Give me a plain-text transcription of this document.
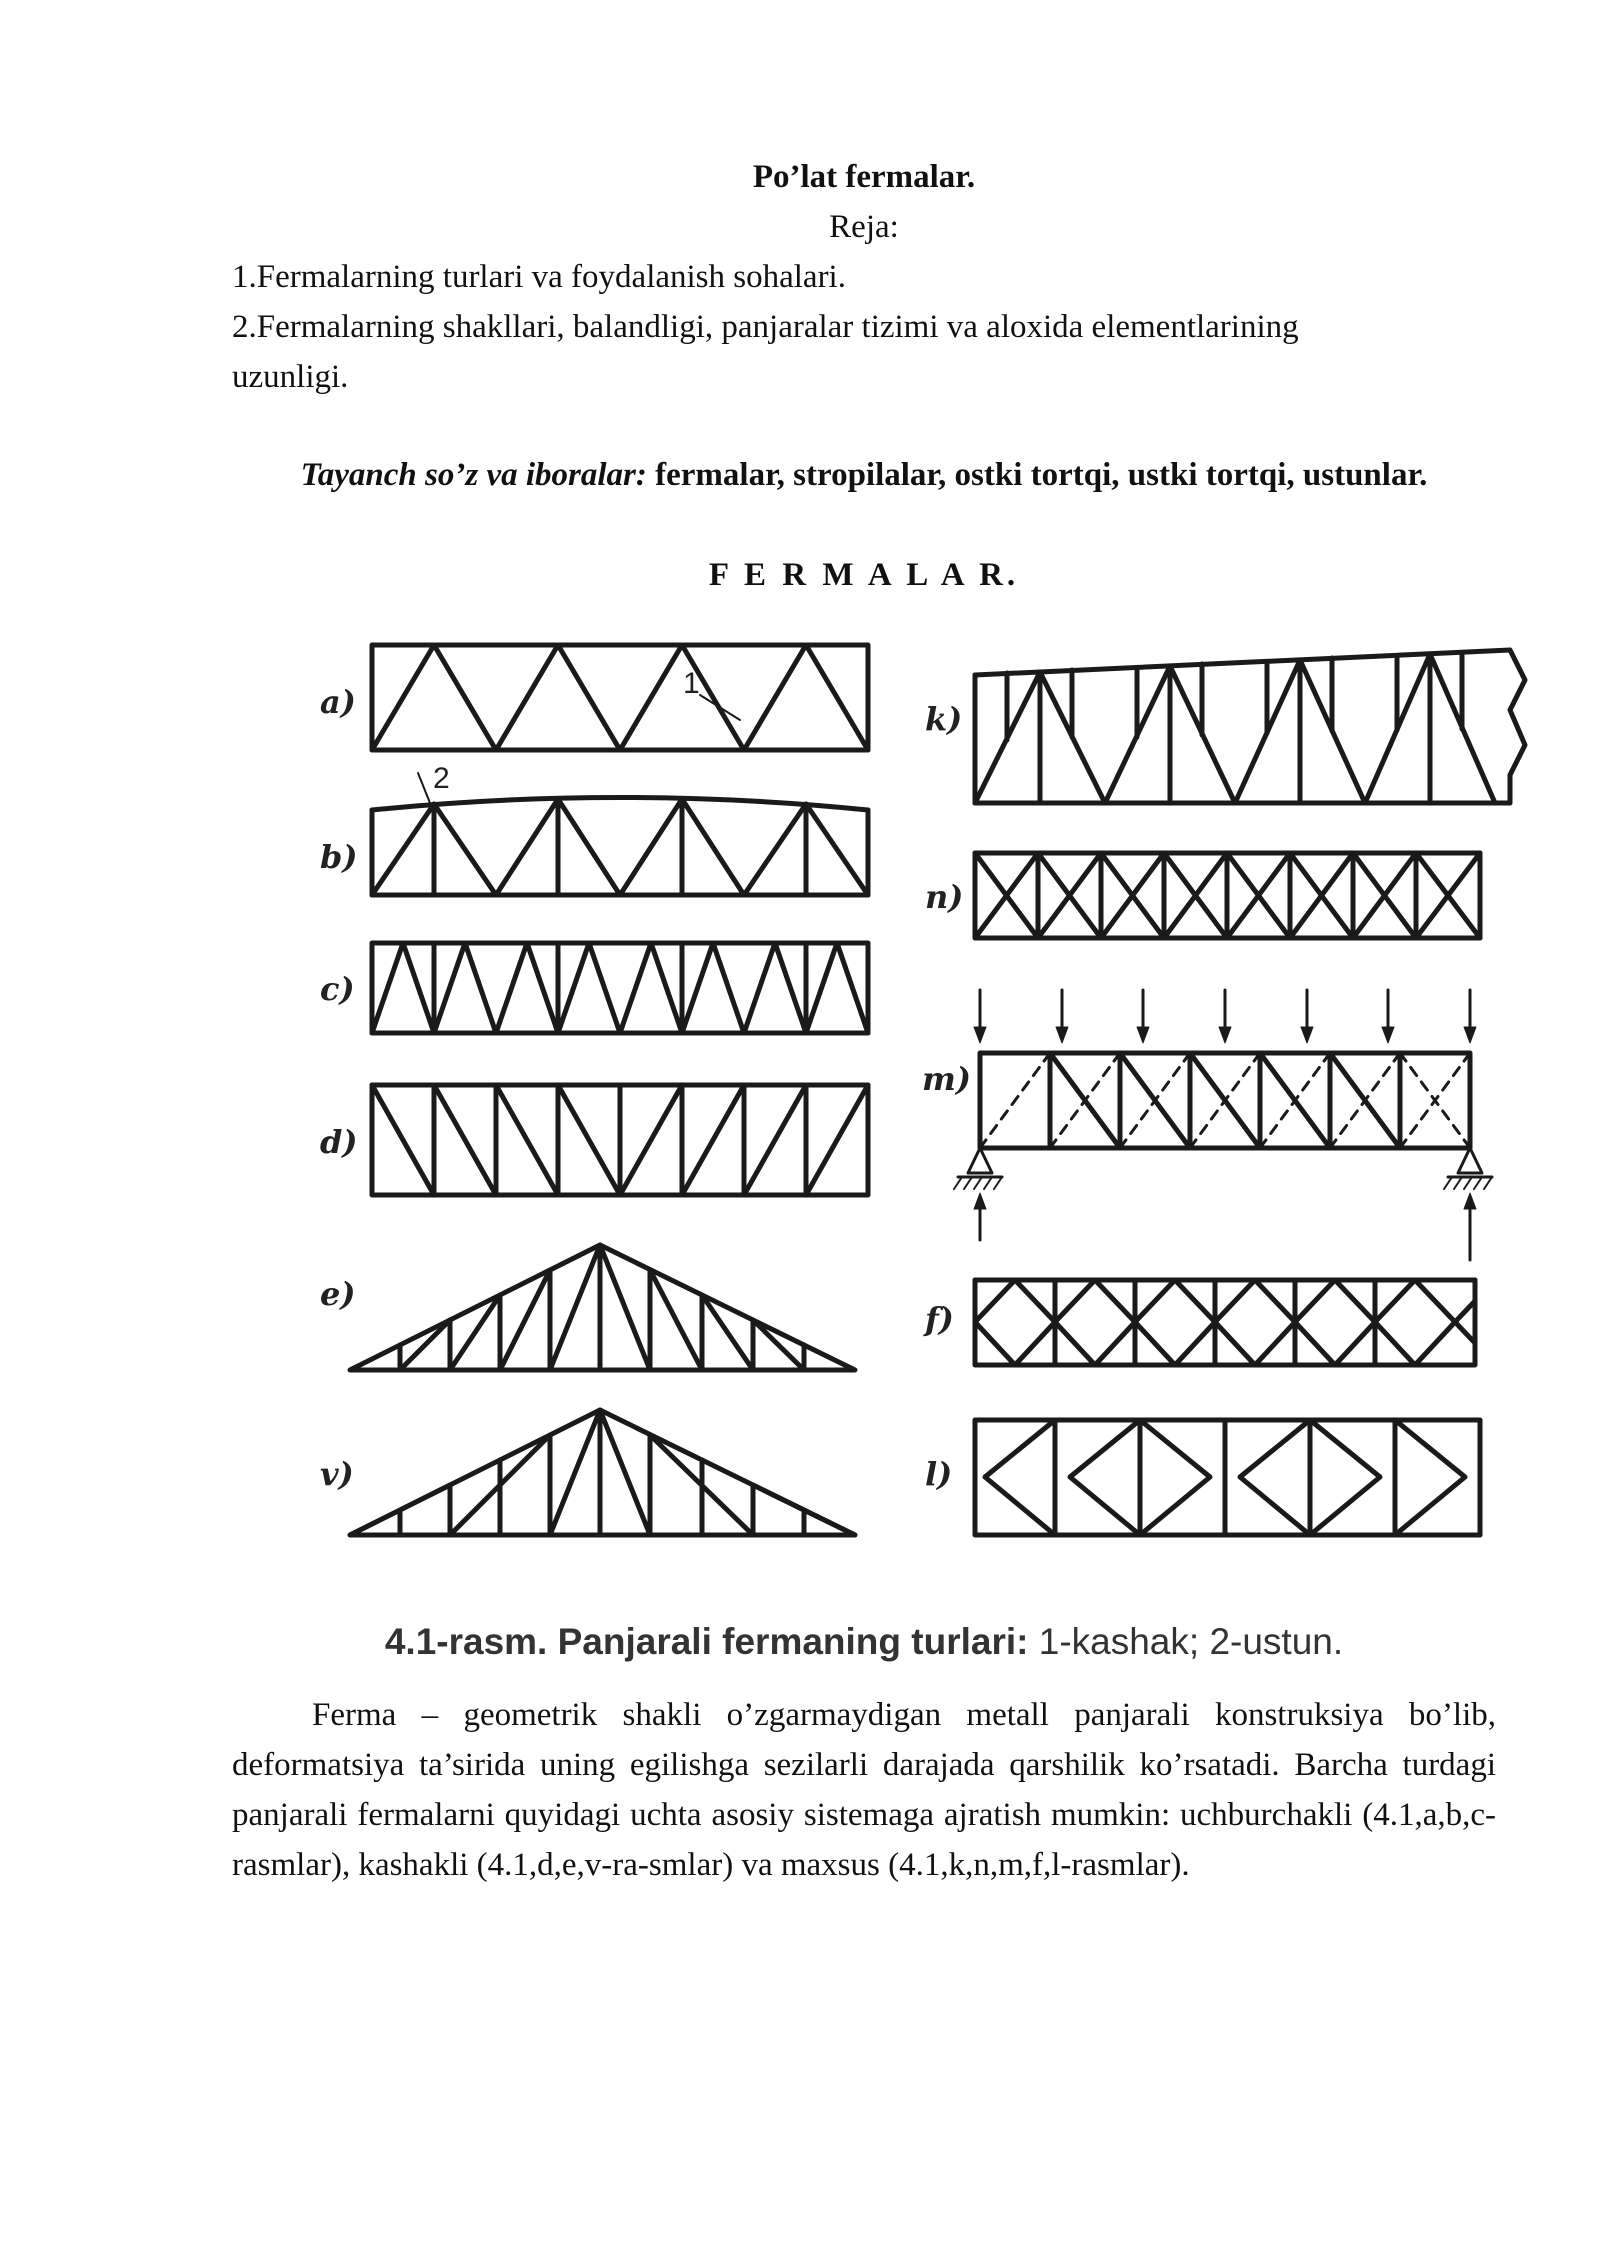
Po’lat fermalar.
Reja:
1.Fermalarning turlari va foydalanish sohalari.
2.Fermalarning shakllari, balandligi, panjaralar tizimi va aloxida elementlarining
uzunligi.
Tayanch so’z va iboralar: fermalar, stropilalar, ostki tortqi, ustki tortqi, ustunlar.
F E R M A L A R.
a)
b)
c)
d)
e)
v)
k)
n)
m)
f)
l)
1
2
4.1-rasm. Panjarali fermaning turlari: 1-kashak; 2-ustun.
Ferma – geometrik shakli o’zgarmaydigan metall panjarali konstruksiya bo’lib, deformatsiya ta’sirida uning egilishga sezilarli darajada qarshilik ko’rsatadi. Barcha turdagi panjarali fermalarni quyidagi uchta asosiy sistemaga ajratish mumkin: uchburchakli (4.1,a,b,c-rasmlar), kashakli (4.1,d,e,v-ra-smlar) va maxsus (4.1,k,n,m,f,l-rasmlar).
